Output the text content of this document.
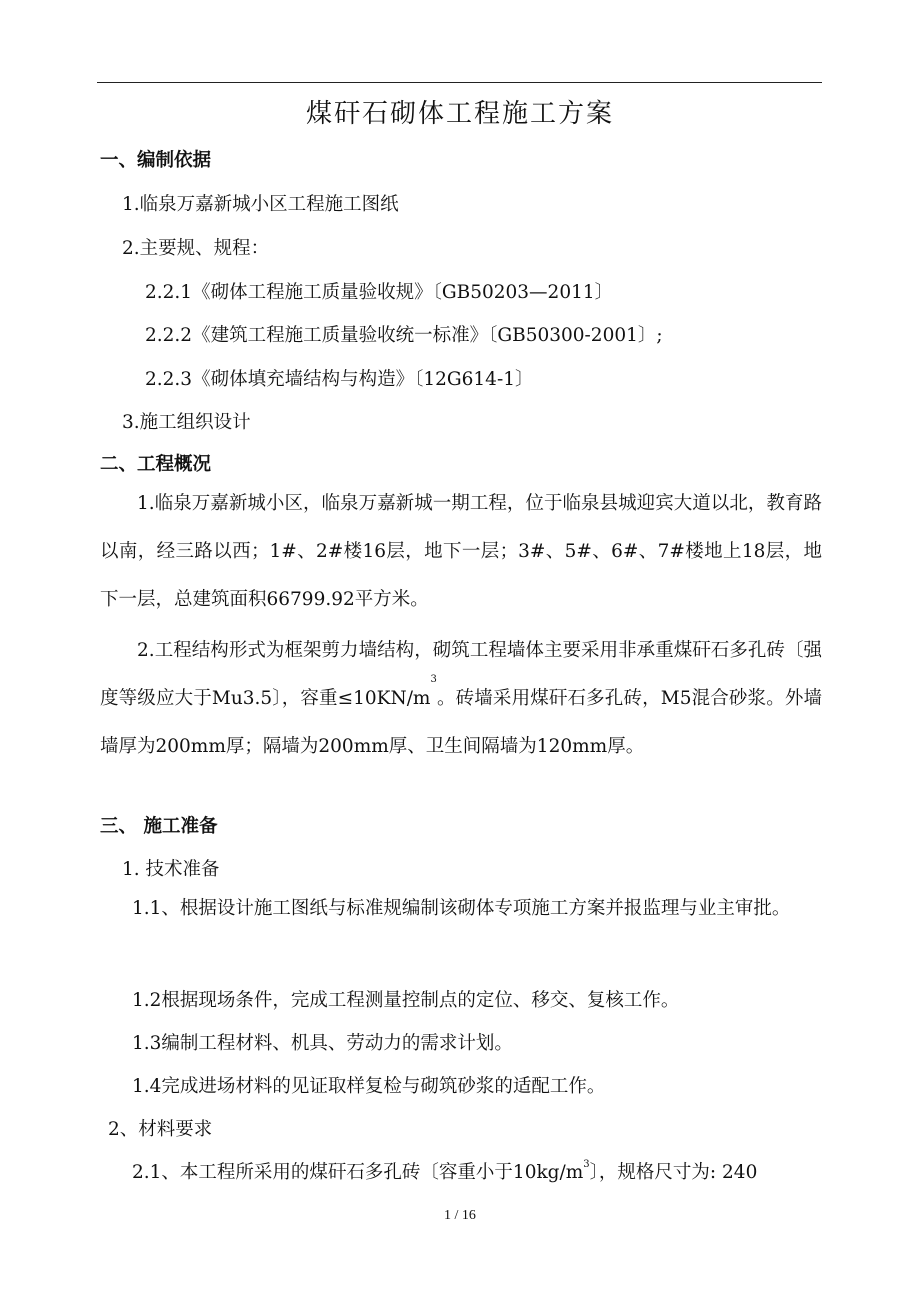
煤矸石砌体工程施工方案
一、编制依据
1.临泉万嘉新城小区工程施工图纸
2.主要规、规程：
2.2.1《砌体工程施工质量验收规》〔GB50203—2011〕
2.2.2《建筑工程施工质量验收统一标准》〔GB50300-2001〕;
2.2.3《砌体填充墙结构与构造》〔12G614-1〕
3.施工组织设计
二、工程概况
1.临泉万嘉新城小区，临泉万嘉新城一期工程，位于临泉县城迎宾大道以北，教育路以南，经三路以西；1#、2#楼16层，地下一层；3#、5#、6#、7#楼地上18层，地下一层，总建筑面积66799.92平方米。
2.工程结构形式为框架剪力墙结构，砌筑工程墙体主要采用非承重煤矸石多孔砖〔强度等级应大于Mu3.5〕，容重$\le 10KN/m^3$。砖墙采用煤矸石多孔砖，M5混合砂浆。外墙墙厚为200mm厚；隔墙为200mm厚、卫生间隔墙为120mm厚。
三、 施工准备
1. 技术准备
1.1、根据设计施工图纸与标准规编制该砌体专项施工方案并报监理与业主审批。
1.2根据现场条件，完成工程测量控制点的定位、移交、复核工作。
1.3编制工程材料、机具、劳动力的需求计划。
1.4完成进场材料的见证取样复检与砌筑砂浆的适配工作。
2、材料要求
2.1、本工程所采用的煤矸石多孔砖〔容重小于$10kg/m^3$〕，规格尺寸为: 240
1 / 16
